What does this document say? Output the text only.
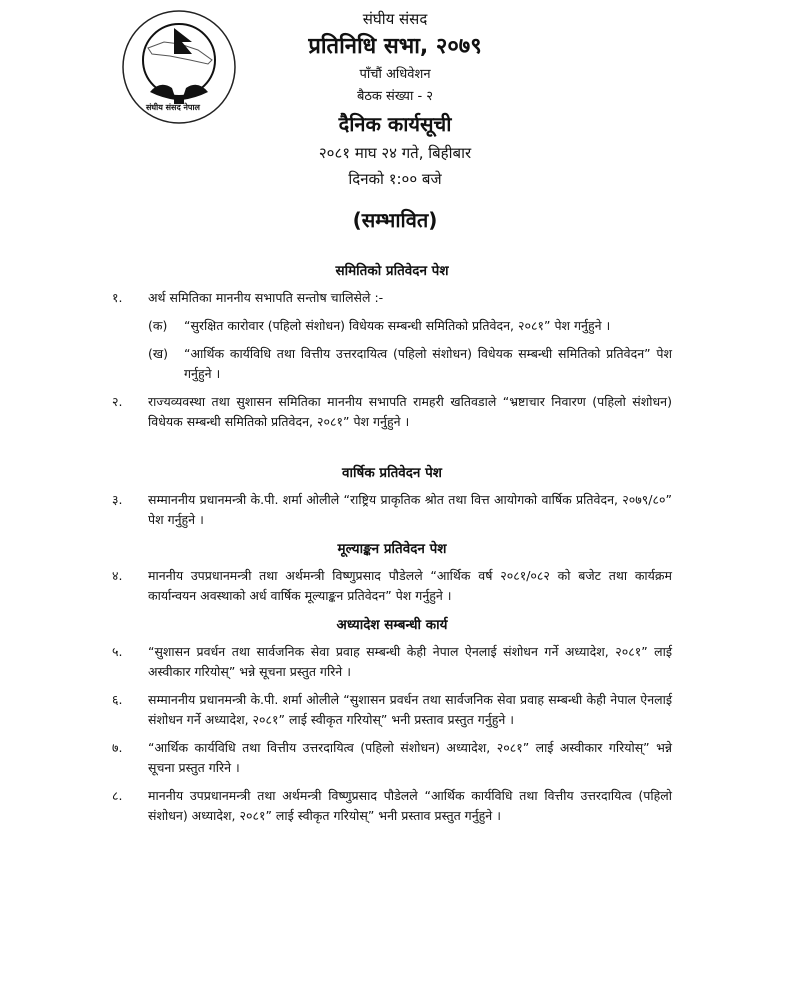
संघीय संसद नेपाल
संघीय संसद
प्रतिनिधि सभा, २०७९
पाँचौं अधिवेशन
बैठक संख्या - २
दैनिक कार्यसूची
२०८१ माघ २४ गते, बिहीबार
दिनको १:०० बजे
(सम्भावित)
समितिको प्रतिवेदन पेश
१.	अर्थ समितिका माननीय सभापति सन्तोष चालिसेले :-
(क)	“सुरक्षित कारोवार (पहिलो संशोधन) विधेयक सम्बन्धी समितिको प्रतिवेदन, २०८१” पेश गर्नुहुने ।
(ख)	“आर्थिक कार्यविधि तथा वित्तीय उत्तरदायित्व (पहिलो संशोधन) विधेयक सम्बन्धी समितिको प्रतिवेदन” पेश गर्नुहुने ।
२.	राज्यव्यवस्था तथा सुशासन समितिका माननीय सभापति रामहरी खतिवडाले “भ्रष्टाचार निवारण (पहिलो संशोधन) विधेयक सम्बन्धी समितिको प्रतिवेदन, २०८१” पेश गर्नुहुने ।
वार्षिक प्रतिवेदन पेश
३.	सम्माननीय प्रधानमन्त्री के.पी. शर्मा ओलीले “राष्ट्रिय प्राकृतिक श्रोत तथा वित्त आयोगको वार्षिक प्रतिवेदन, २०७९/८०” पेश गर्नुहुने ।
मूल्याङ्कन प्रतिवेदन पेश
४.	माननीय उपप्रधानमन्त्री तथा अर्थमन्त्री विष्णुप्रसाद पौडेलले “आर्थिक वर्ष २०८१/०८२ को बजेट तथा कार्यक्रम कार्यान्वयन अवस्थाको अर्ध वार्षिक मूल्याङ्कन प्रतिवेदन” पेश गर्नुहुने ।
अध्यादेश सम्बन्धी कार्य
५.	“सुशासन प्रवर्धन तथा सार्वजनिक सेवा प्रवाह सम्बन्धी केही नेपाल ऐनलाई संशोधन गर्ने अध्यादेश, २०८१” लाई अस्वीकार गरियोस्” भन्ने सूचना प्रस्तुत गरिने ।
६.	सम्माननीय प्रधानमन्त्री के.पी. शर्मा ओलीले “सुशासन प्रवर्धन तथा सार्वजनिक सेवा प्रवाह सम्बन्धी केही नेपाल ऐनलाई संशोधन गर्ने अध्यादेश, २०८१” लाई स्वीकृत गरियोस्” भनी प्रस्ताव प्रस्तुत गर्नुहुने ।
७.	“आर्थिक कार्यविधि तथा वित्तीय उत्तरदायित्व (पहिलो संशोधन) अध्यादेश, २०८१” लाई अस्वीकार गरियोस्” भन्ने सूचना प्रस्तुत गरिने ।
८.	माननीय उपप्रधानमन्त्री तथा अर्थमन्त्री विष्णुप्रसाद पौडेलले “आर्थिक कार्यविधि तथा वित्तीय उत्तरदायित्व (पहिलो संशोधन) अध्यादेश, २०८१” लाई स्वीकृत गरियोस्” भनी प्रस्ताव प्रस्तुत गर्नुहुने ।
